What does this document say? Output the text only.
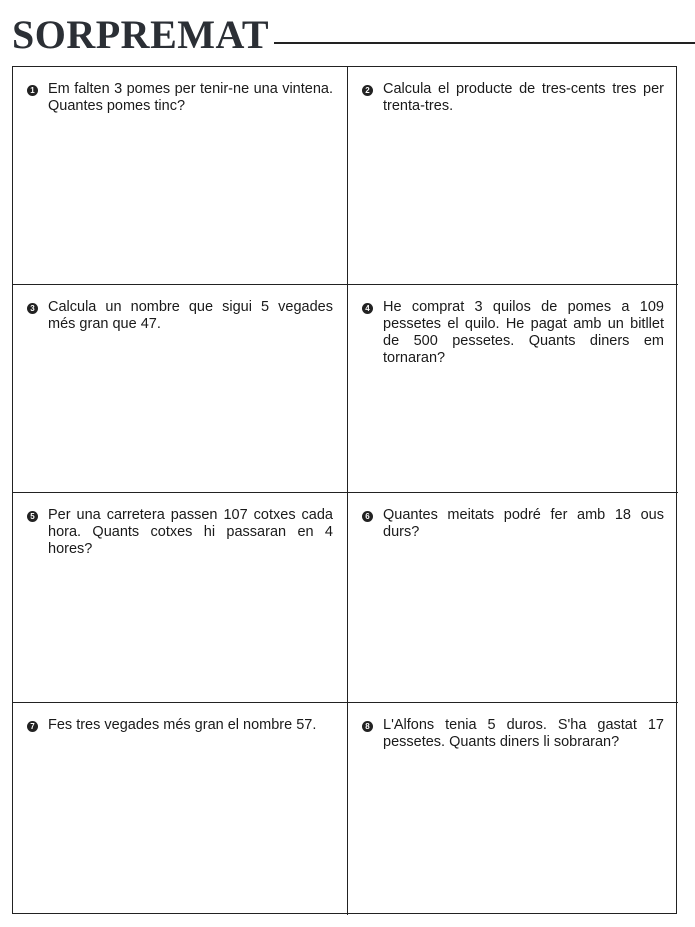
SORPREMAT
1 Em falten 3 pomes per tenir-ne una vintena. Quantes pomes tinc?
2 Calcula el producte de tres-cents tres per trenta-tres.
3 Calcula un nombre que sigui 5 vegades més gran que 47.
4 He comprat 3 quilos de pomes a 109 pessetes el quilo. He pagat amb un bitllet de 500 pessetes. Quants diners em tornaran?
5 Per una carretera passen 107 cotxes cada hora. Quants cotxes hi passaran en 4 hores?
6 Quantes meitats podré fer amb 18 ous durs?
7 Fes tres vegades més gran el nombre 57.	8 L'Alfons tenia 5 duros. S'ha gastat 17 pessetes. Quants diners li sobraran?
